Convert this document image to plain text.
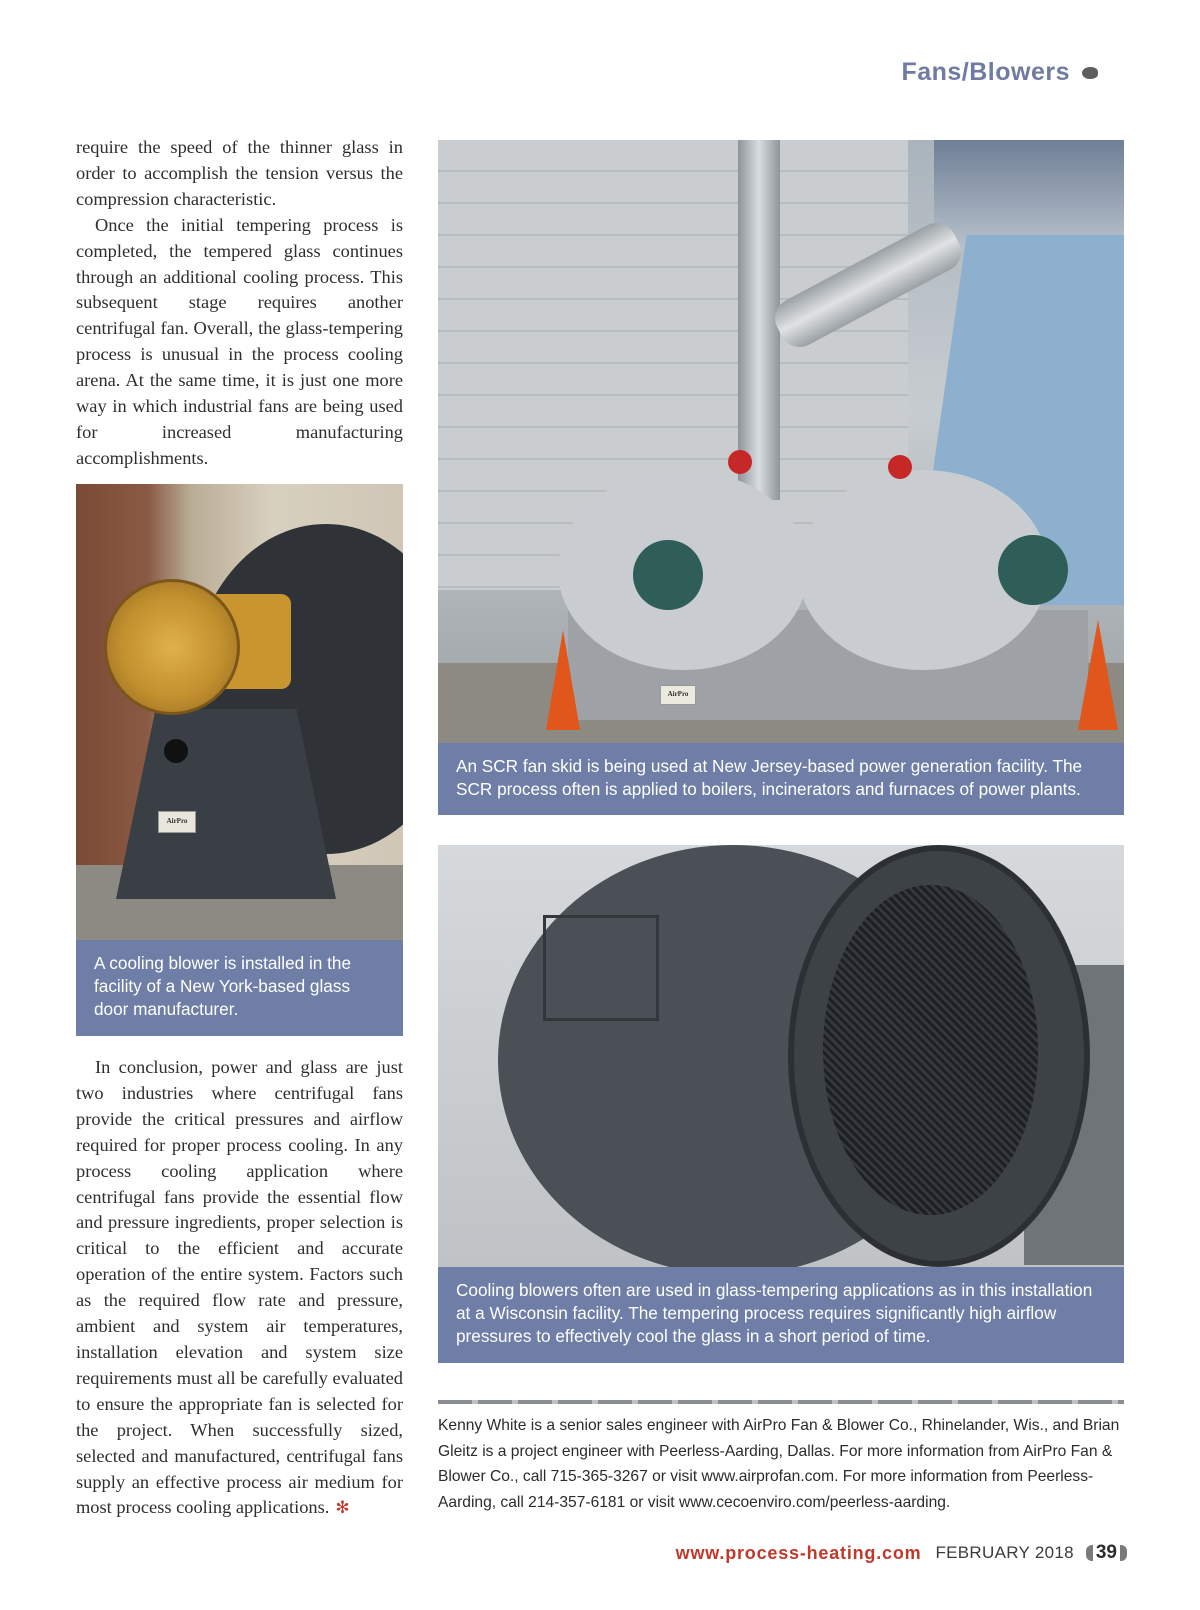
Fans/Blowers

require the speed of the thinner glass in order to accomplish the tension versus the compression characteristic.

Once the initial tempering process is completed, the tempered glass continues through an additional cooling process. This subsequent stage requires another centrifugal fan. Overall, the glass-tempering process is unusual in the process cooling arena. At the same time, it is just one more way in which industrial fans are being used for increased manufacturing accomplishments.

AirPro
A cooling blower is installed in the facility of a New York-based glass door manufacturer.

In conclusion, power and glass are just two industries where centrifugal fans provide the critical pressures and airflow required for proper process cooling. In any process cooling application where centrifugal fans provide the essential flow and pressure ingredients, proper selection is critical to the efficient and accurate operation of the entire system. Factors such as the required flow rate and pressure, ambient and system air temperatures, installation elevation and system size requirements must all be carefully evaluated to ensure the appropriate fan is selected for the project. When successfully sized, selected and manufactured, centrifugal fans supply an effective process air medium for most process cooling applications. ✻

AirPro
An SCR fan skid is being used at New Jersey-based power generation facility. The SCR process often is applied to boilers, incinerators and furnaces of power plants.
Cooling blowers often are used in glass-tempering applications as in this installation at a Wisconsin facility. The tempering process requires significantly high airflow pressures to effectively cool the glass in a short period of time.
Kenny White is a senior sales engineer with AirPro Fan & Blower Co., Rhinelander, Wis., and Brian Gleitz is a project engineer with Peerless-Aarding, Dallas. For more information from AirPro Fan & Blower Co., call 715-365-3267 or visit www.airprofan.com. For more information from Peerless-Aarding, call 214-357-6181 or visit www.cecoenviro.com/peerless-aarding.
www.process-heating.com FEBRUARY 2018 39
